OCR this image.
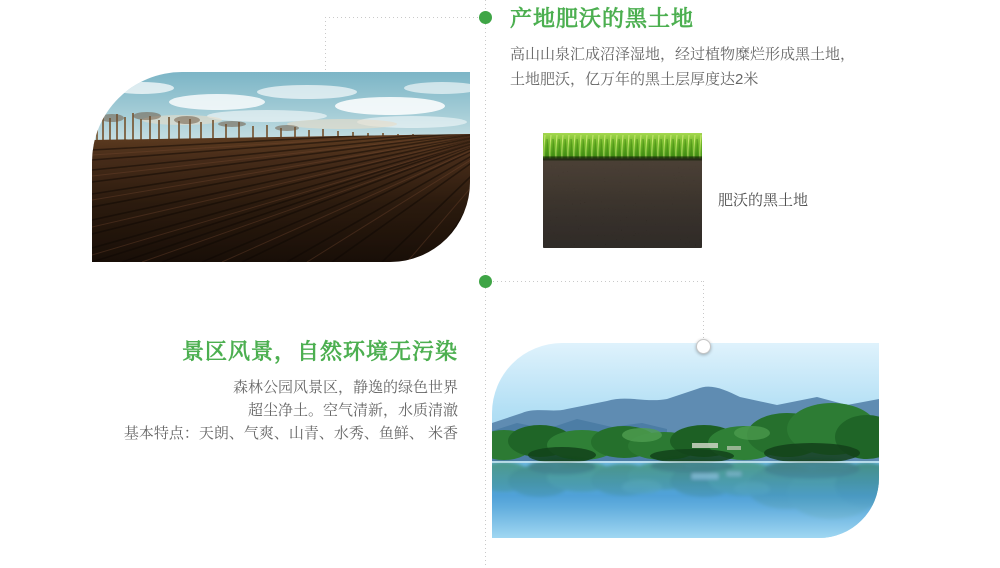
产地肥沃的黑土地

高山山泉汇成沼泽湿地，经过植物糜烂形成黑土地，

土地肥沃，亿万年的黑土层厚度达2米

肥沃的黑土地
景区风景，自然环境无污染

森林公园风景区，静逸的绿色世界

超尘净土。空气清新，水质清澈

基本特点：天朗、气爽、山青、水秀、鱼鲜、 米香
